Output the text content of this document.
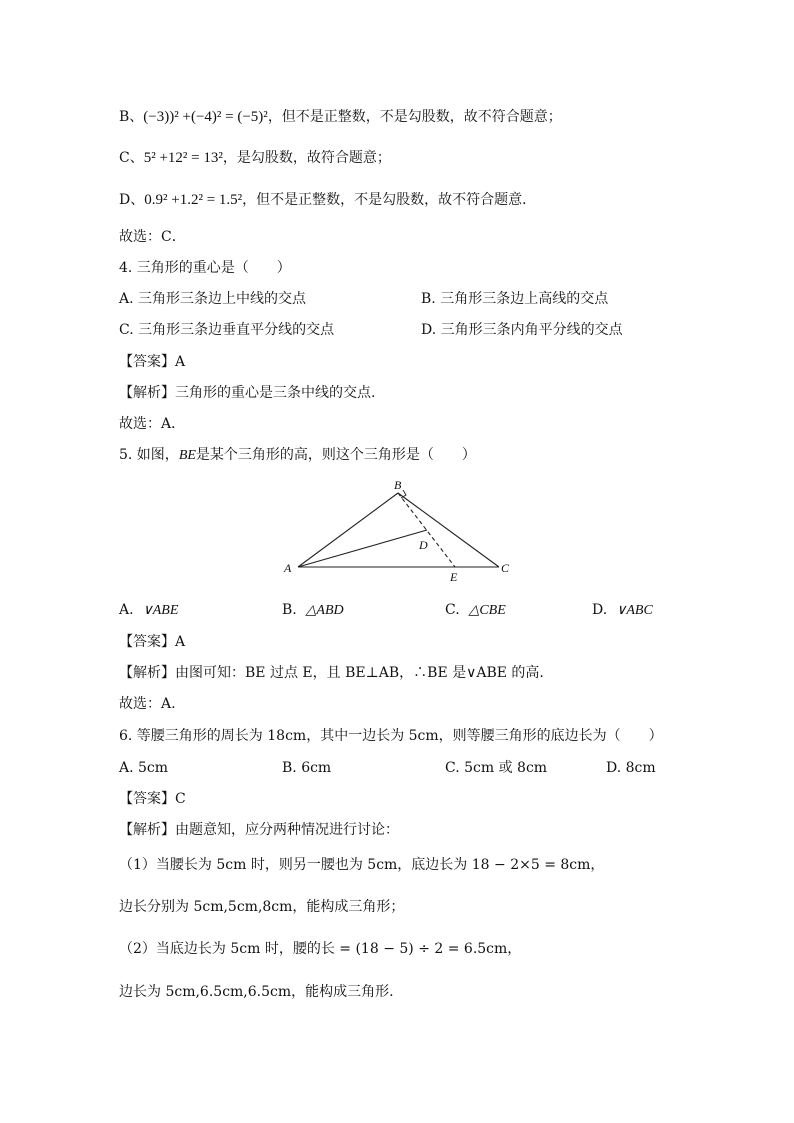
B、(−3))² +(−4)² = (−5)²，但不是正整数，不是勾股数，故不符合题意；
C、5² +12² = 13²，是勾股数，故符合题意；
D、0.9² +1.2² = 1.5²，但不是正整数，不是勾股数，故不符合题意．
故选：C．
4. 三角形的重心是（　　）
A. 三角形三条边上中线的交点	B. 三角形三条边上高线的交点
C. 三角形三条边垂直平分线的交点	D. 三角形三条内角平分线的交点
【答案】A
【解析】三角形的重心是三条中线的交点.
故选：A．
5. 如图，BE是某个三角形的高，则这个三角形是（　　）
B
A	C
D
E
A. ∨ABE	B. △ABD	C. △CBE	D. ∨ABC
【答案】A
【解析】由图可知：BE 过点 E，且 BE⊥AB，∴BE 是∨ABE 的高.
故选：A.
6. 等腰三角形的周长为 18cm，其中一边长为 5cm，则等腰三角形的底边长为（　　）
A. 5cm	B. 6cm	C. 5cm 或 8cm	D. 8cm
【答案】C
【解析】由题意知，应分两种情况进行讨论：
（1）当腰长为 5cm 时，则另一腰也为 5cm，底边长为 18 − 2×5 = 8cm，
边长分别为 5cm,5cm,8cm，能构成三角形；
（2）当底边长为 5cm 时，腰的长 = (18 − 5) ÷ 2 = 6.5cm，
边长为 5cm,6.5cm,6.5cm，能构成三角形.
